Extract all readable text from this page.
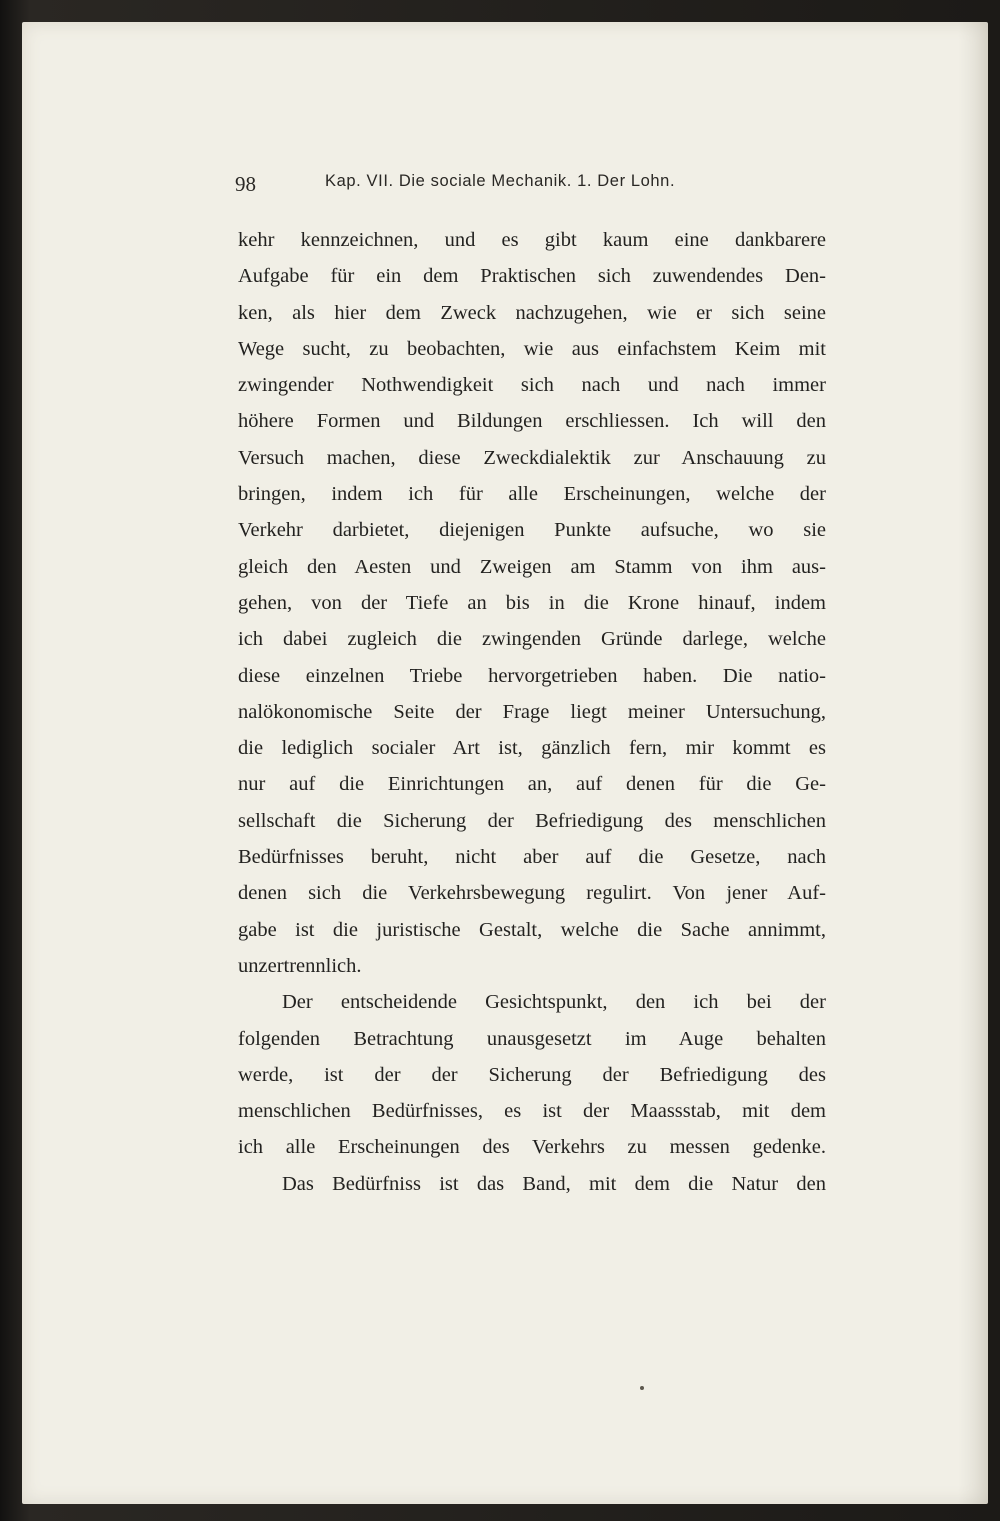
98	Kap. VII. Die sociale Mechanik. 1. Der Lohn.
kehr kennzeichnen, und es gibt kaum eine dankbarere
Aufgabe für ein dem Praktischen sich zuwendendes Den-
ken, als hier dem Zweck nachzugehen, wie er sich seine
Wege sucht, zu beobachten, wie aus einfachstem Keim mit
zwingender Nothwendigkeit sich nach und nach immer
höhere Formen und Bildungen erschliessen. Ich will den
Versuch machen, diese Zweckdialektik zur Anschauung zu
bringen, indem ich für alle Erscheinungen, welche der
Verkehr darbietet, diejenigen Punkte aufsuche, wo sie
gleich den Aesten und Zweigen am Stamm von ihm aus-
gehen, von der Tiefe an bis in die Krone hinauf, indem
ich dabei zugleich die zwingenden Gründe darlege, welche
diese einzelnen Triebe hervorgetrieben haben. Die natio-
nalökonomische Seite der Frage liegt meiner Untersuchung,
die lediglich socialer Art ist, gänzlich fern, mir kommt es
nur auf die Einrichtungen an, auf denen für die Ge-
sellschaft die Sicherung der Befriedigung des menschlichen
Bedürfnisses beruht, nicht aber auf die Gesetze, nach
denen sich die Verkehrsbewegung regulirt. Von jener Auf-
gabe ist die juristische Gestalt, welche die Sache annimmt,
unzertrennlich.
Der entscheidende Gesichtspunkt, den ich bei der
folgenden Betrachtung unausgesetzt im Auge behalten
werde, ist der der Sicherung der Befriedigung des
menschlichen Bedürfnisses, es ist der Maassstab, mit dem
ich alle Erscheinungen des Verkehrs zu messen gedenke.
Das Bedürfniss ist das Band, mit dem die Natur den
